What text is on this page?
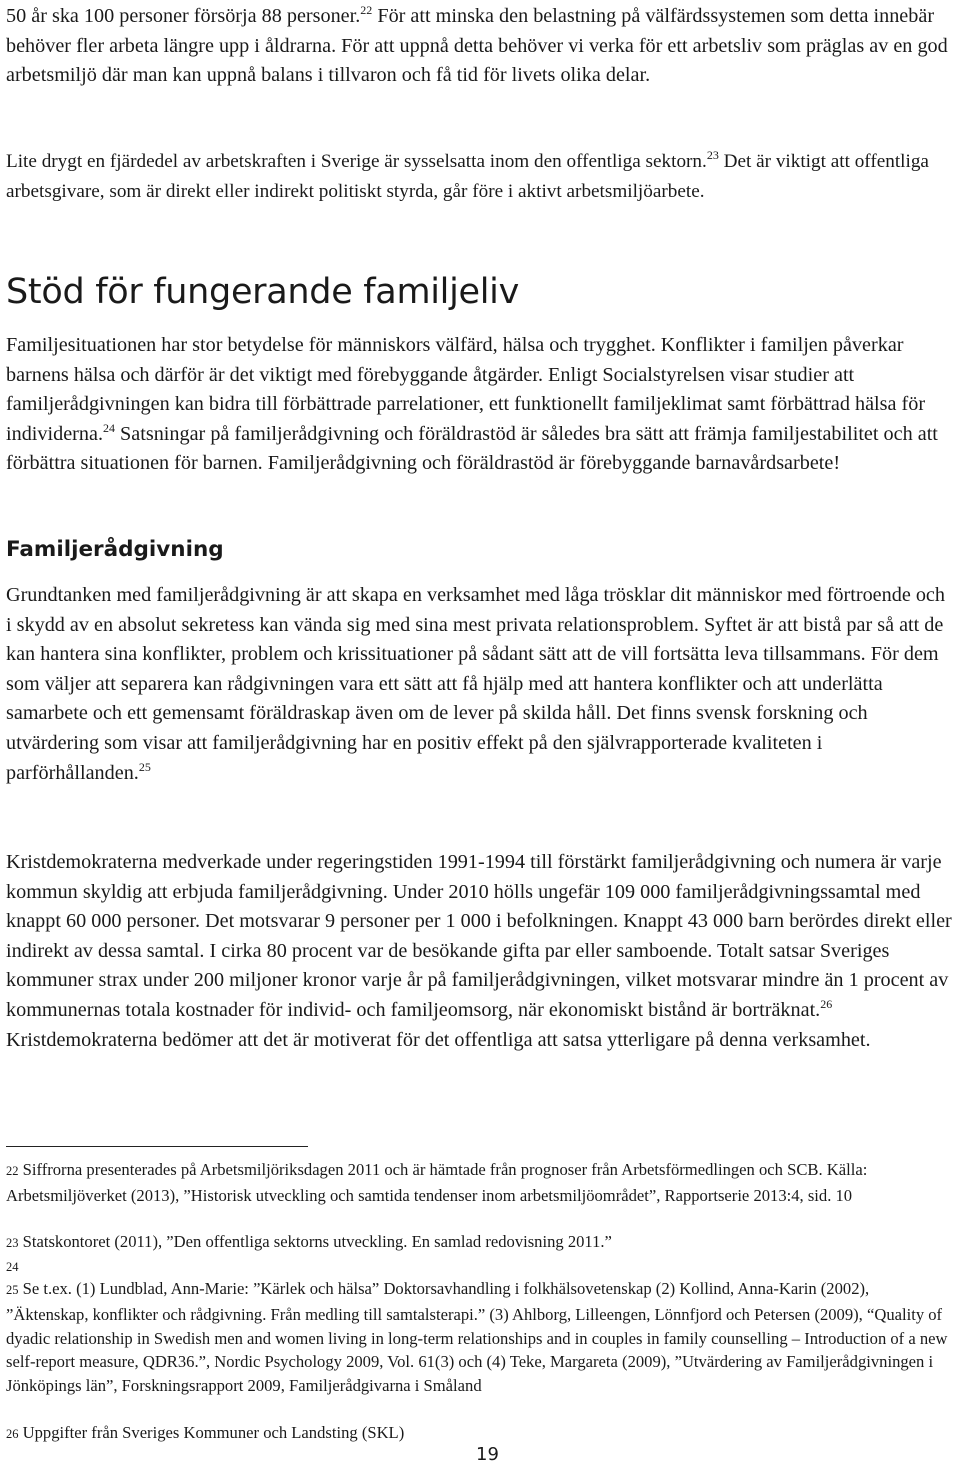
50 år ska 100 personer försörja 88 personer.$^{22}$ För att minska den belastning på välfärdssystemen som detta innebär behöver fler arbeta längre upp i åldrarna. För att uppnå detta behöver vi verka för ett arbetsliv som präglas av en god arbetsmiljö där man kan uppnå balans i tillvaron och få tid för livets olika delar.

Lite drygt en fjärdedel av arbetskraften i Sverige är sysselsatta inom den offentliga sektorn.$^{23}$ Det är viktigt att offentliga arbetsgivare, som är direkt eller indirekt politiskt styrda, går före i aktivt arbetsmiljöarbete.

Stöd för fungerande familjeliv

Familjesituationen har stor betydelse för människors välfärd, hälsa och trygghet. Konflikter i familjen påverkar barnens hälsa och därför är det viktigt med förebyggande åtgärder. Enligt Socialstyrelsen visar studier att familjerådgivningen kan bidra till förbättrade parrelationer, ett funktionellt familjeklimat samt förbättrad hälsa för individerna.$^{24}$ Satsningar på familjerådgivning och föräldrastöd är således bra sätt att främja familjestabilitet och att förbättra situationen för barnen. Familjerådgivning och föräldrastöd är förebyggande barnavårdsarbete!

Familjerådgivning

Grundtanken med familjerådgivning är att skapa en verksamhet med låga trösklar dit människor med förtroende och i skydd av en absolut sekretess kan vända sig med sina mest privata relationsproblem. Syftet är att bistå par så att de kan hantera sina konflikter, problem och krissituationer på sådant sätt att de vill fortsätta leva tillsammans. För dem som väljer att separera kan rådgivningen vara ett sätt att få hjälp med att hantera konflikter och att underlätta samarbete och ett gemensamt föräldraskap även om de lever på skilda håll. Det finns svensk forskning och utvärdering som visar att familjerådgivning har en positiv effekt på den självrapporterade kvaliteten i parförhållanden.$^{25}$

Kristdemokraterna medverkade under regeringstiden 1991-1994 till förstärkt familjerådgivning och numera är varje kommun skyldig att erbjuda familjerådgivning. Under 2010 hölls ungefär 109 000 familjerådgivningssamtal med knappt 60 000 personer. Det motsvarar 9 personer per 1 000 i befolkningen. Knappt 43 000 barn berördes direkt eller indirekt av dessa samtal. I cirka 80 procent var de besökande gifta par eller samboende. Totalt satsar Sveriges kommuner strax under 200 miljoner kronor varje år på familjerådgivningen, vilket motsvarar mindre än 1 procent av kommunernas totala kostnader för individ- och familjeomsorg, när ekonomiskt bistånd är borträknat.$^{26}$ Kristdemokraterna bedömer att det är motiverat för det offentliga att satsa ytterligare på denna verksamhet.

22 Siffrorna presenterades på Arbetsmiljöriksdagen 2011 och är hämtade från prognoser från Arbetsförmedlingen och SCB. Källa: Arbetsmiljöverket (2013), ”Historisk utveckling och samtida tendenser inom arbetsmiljöområdet”, Rapportserie 2013:4, sid. 10

23 Statskontoret (2011), ”Den offentliga sektorns utveckling. En samlad redovisning 2011.”

24

25 Se t.ex. (1) Lundblad, Ann-Marie: ”Kärlek och hälsa” Doktorsavhandling i folkhälsovetenskap (2) Kollind, Anna-Karin (2002), ”Äktenskap, konflikter och rådgivning. Från medling till samtalsterapi.” (3) Ahlborg, Lilleengen, Lönnfjord och Petersen (2009), “Quality of dyadic relationship in Swedish men and women living in long-term relationships and in couples in family counselling – Introduction of a new self-report measure, QDR36.”, Nordic Psychology 2009, Vol. 61(3) och (4) Teke, Margareta (2009), ”Utvärdering av Familjerådgivningen i Jönköpings län”, Forskningsrapport 2009, Familjerådgivarna i Småland

26 Uppgifter från Sveriges Kommuner och Landsting (SKL)

19
